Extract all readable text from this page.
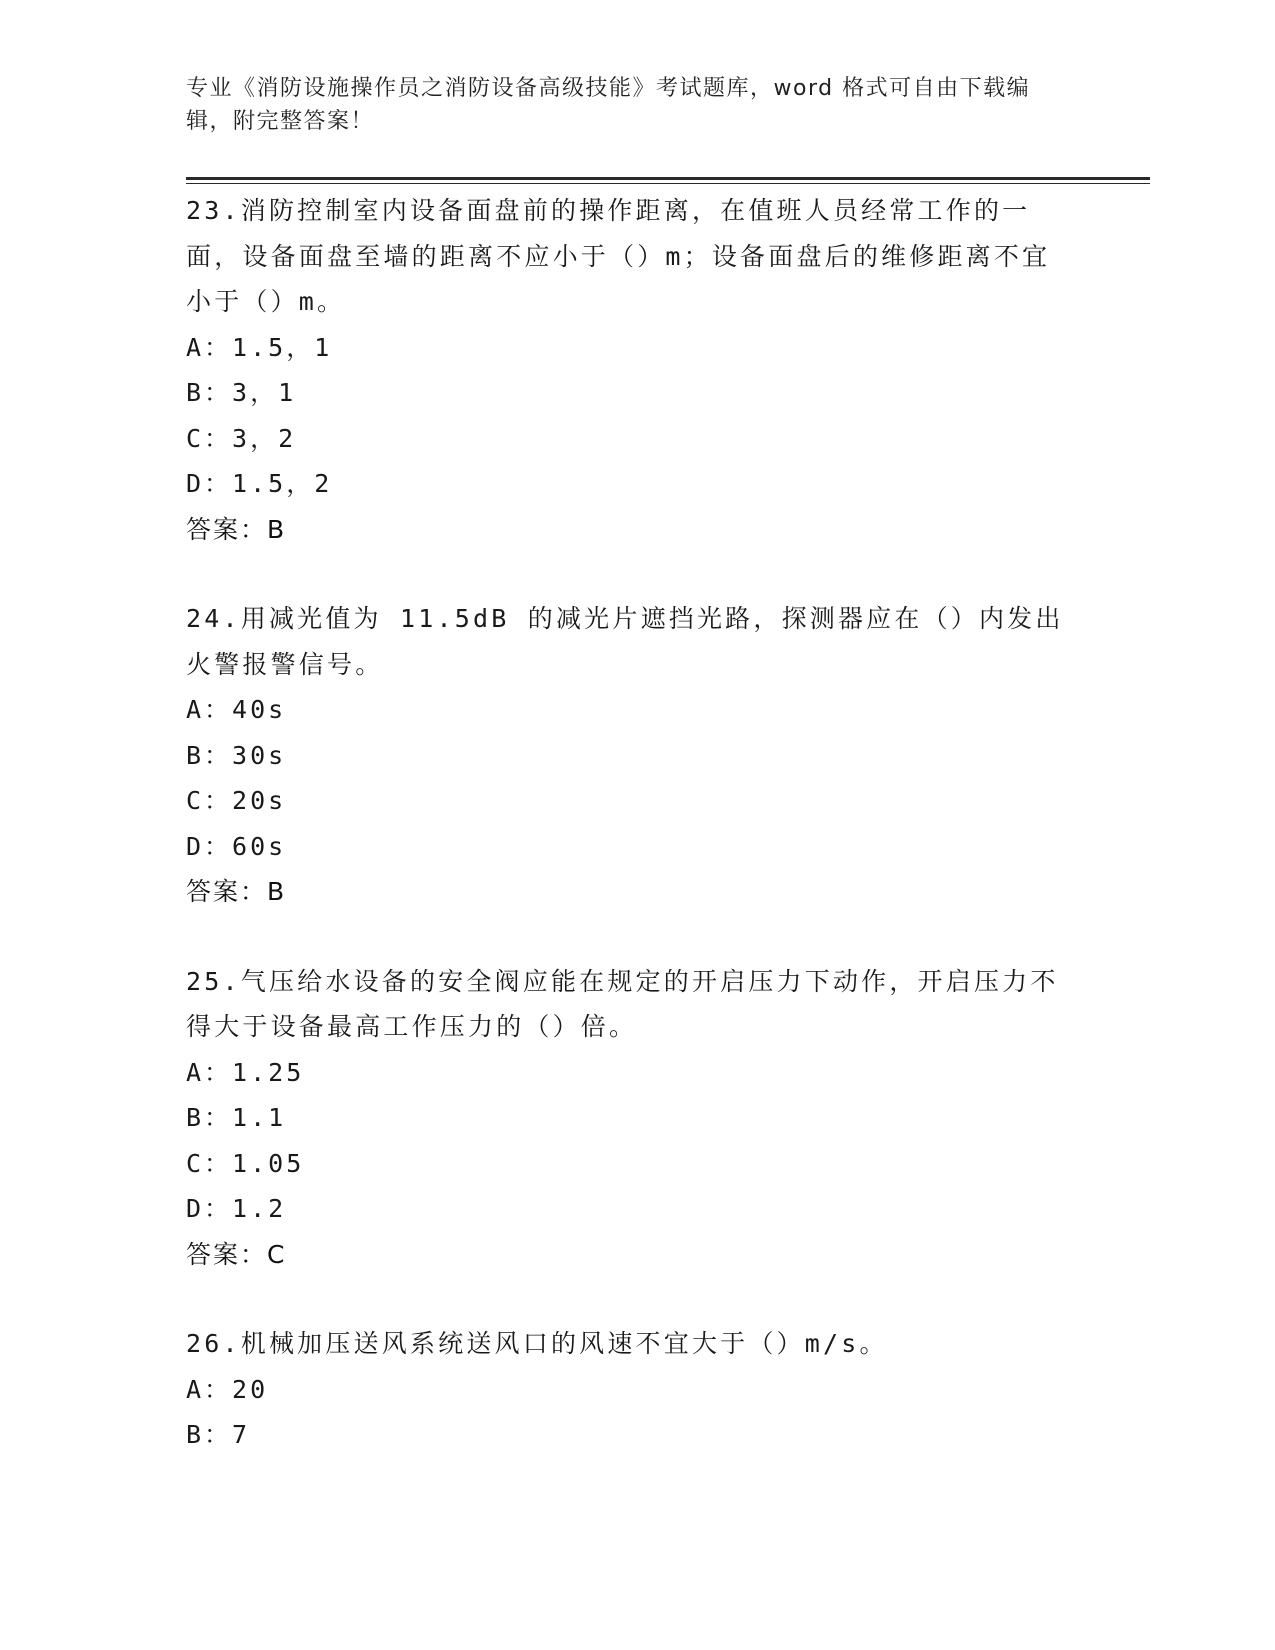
专业《消防设施操作员之消防设备高级技能》考试题库，word 格式可自由下载编辑，附完整答案！
23.消防控制室内设备面盘前的操作距离，在值班人员经常工作的一面，设备面盘至墙的距离不应小于（）m；设备面盘后的维修距离不宜小于（）m。
A：1.5，1
B：3，1
C：3，2
D：1.5，2
答案：B
24.用减光值为 11.5dB 的减光片遮挡光路，探测器应在（）内发出火警报警信号。
A：40s
B：30s
C：20s
D：60s
答案：B
25.气压给水设备的安全阀应能在规定的开启压力下动作，开启压力不得大于设备最高工作压力的（）倍。
A：1.25
B：1.1
C：1.05
D：1.2
答案：C
26.机械加压送风系统送风口的风速不宜大于（）m/s。
A：20
B：7
